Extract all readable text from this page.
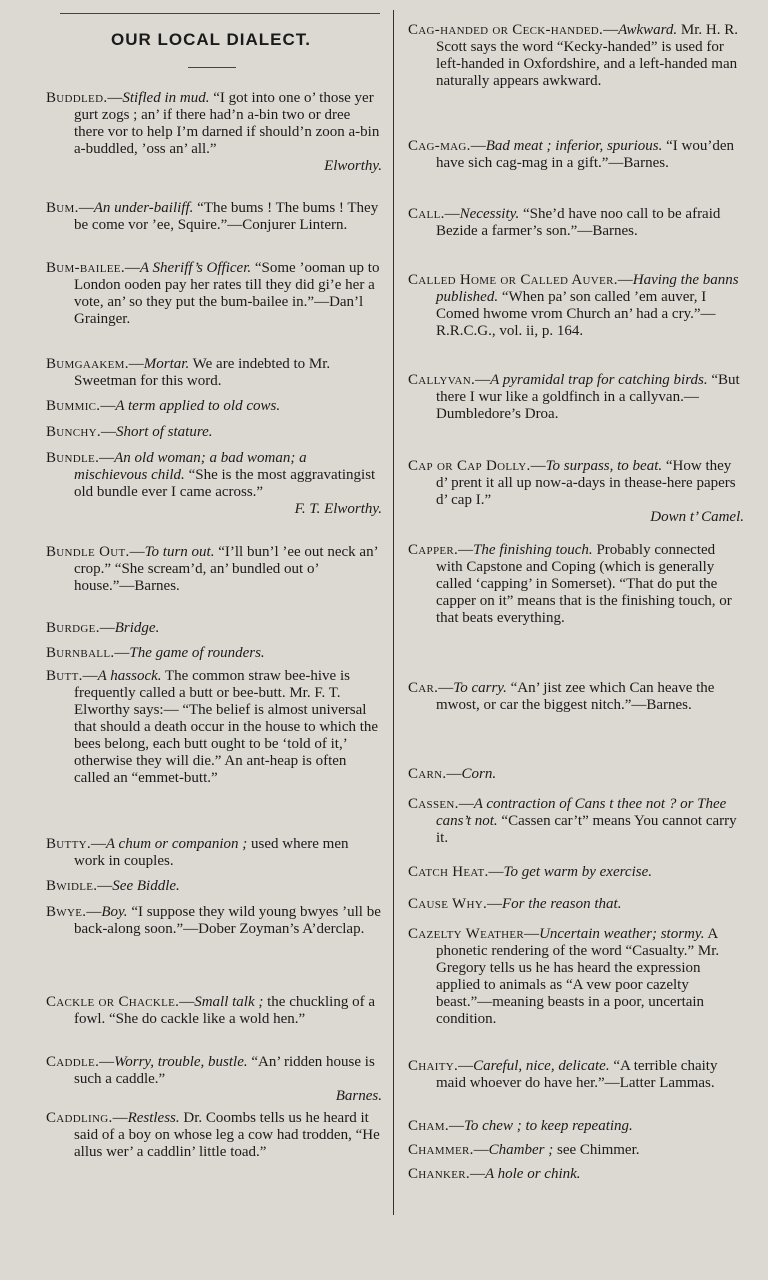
OUR LOCAL DIALECT.
Buddled.—Stifled in mud. “I got into one o’ those yer gurt zogs ; an’ if there had’n a-bin two or dree there vor to help I’m darned if should’n zoon a-bin a-buddled, ’oss an’ all.”
Elworthy.
Bum.—An under-bailiff. “The bums ! The bums ! They be come vor ’ee, Squire.”—Conjurer Lintern.
Bum-bailee.—A Sheriff’s Officer. “Some ’ooman up to London ooden pay her rates till they did gi’e her a vote, an’ so they put the bum-bailee in.”—Dan’l Grainger.
Bumgaakem.—Mortar. We are indebted to Mr. Sweetman for this word.
Bummic.—A term applied to old cows.
Bunchy.—Short of stature.
Bundle.—An old woman; a bad woman; a mischievous child. “She is the most aggravatingist old bundle ever I came across.”
F. T. Elworthy.
Bundle Out.—To turn out. “I’ll bun’l ’ee out neck an’ crop.” “She scream’d, an’ bundled out o’ house.”—Barnes.
Burdge.—Bridge.
Burnball.—The game of rounders.
Butt.—A hassock. The common straw bee-hive is frequently called a butt or bee-butt. Mr. F. T. Elworthy says:— “The belief is almost universal that should a death occur in the house to which the bees belong, each butt ought to be ‘told of it,’ otherwise they will die.” An ant-heap is often called an “emmet-butt.”
Butty.—A chum or companion ; used where men work in couples.
Bwidle.—See Biddle.
Bwye.—Boy. “I suppose they wild young bwyes ’ull be back-along soon.”—Dober Zoyman’s A’derclap.
Cackle or Chackle.—Small talk ; the chuckling of a fowl. “She do cackle like a wold hen.”
Caddle.—Worry, trouble, bustle. “An’ ridden house is such a caddle.”
Barnes.
Caddling.—Restless. Dr. Coombs tells us he heard it said of a boy on whose leg a cow had trodden, “He allus wer’ a caddlin’ little toad.”
Cag-handed or Ceck-handed.—Awkward. Mr. H. R. Scott says the word “Kecky-handed” is used for left-handed in Oxfordshire, and a left-handed man naturally appears awkward.
Cag-mag.—Bad meat ; inferior, spurious. “I wou’den have sich cag-mag in a gift.”—Barnes.
Call.—Necessity. “She’d have noo call to be afraid Bezide a farmer’s son.”—Barnes.
Called Home or Called Auver.—Having the banns published. “When pa’ son called ’em auver, I Comed hwome vrom Church an’ had a cry.”—R.R.C.G., vol. ii, p. 164.
Callyvan.—A pyramidal trap for catching birds. “But there I wur like a goldfinch in a callyvan.—Dumbledore’s Droa.
Cap or Cap Dolly.—To surpass, to beat. “How they d’ prent it all up now-a-days in thease-here papers d’ cap I.”
Down t’ Camel.
Capper.—The finishing touch. Probably connected with Capstone and Coping (which is generally called ‘capping’ in Somerset). “That do put the capper on it” means that is the finishing touch, or that beats everything.
Car.—To carry. “An’ jist zee which Can heave the mwost, or car the biggest nitch.”—Barnes.
Carn.—Corn.
Cassen.—A contraction of Cans t thee not ? or Thee cans’t not. “Cassen car’t” means You cannot carry it.
Catch Heat.—To get warm by exercise.
Cause Why.—For the reason that.
Cazelty Weather—Uncertain weather; stormy. A phonetic rendering of the word “Casualty.” Mr. Gregory tells us he has heard the expression applied to animals as “A vew poor cazelty beast.”—meaning beasts in a poor, uncertain condition.
Chaity.—Careful, nice, delicate. “A terrible chaity maid whoever do have her.”—Latter Lammas.
Cham.—To chew ; to keep repeating.
Chammer.—Chamber ; see Chimmer.
Chanker.—A hole or chink.
